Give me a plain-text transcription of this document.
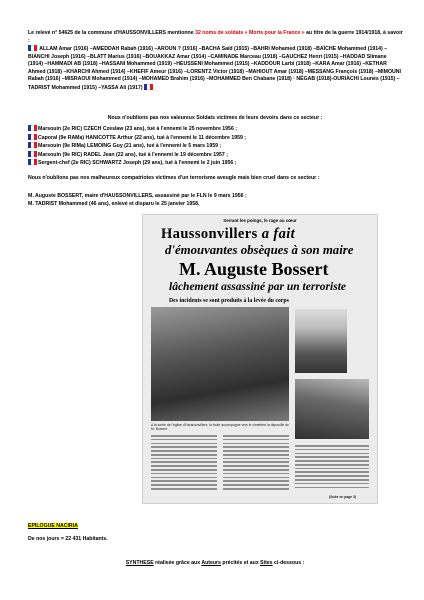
Le relevé n° 54625 de la commune d'HAUSSONVILLERS mentionne 32 noms de soldats « Morts pour la France » au titre de la guerre 1914/1918, à savoir :
ALLAM Amar (1916) –AMEDDAH Rabah (1916) –AROUN ? (1916) –BACHA Saïd (1915) –BAHRI Mohamed (1918) –BAÏCHE Mohammed (1914) –BIANCHI Joseph (1916) –BLATT Marius (1916) –BOUAKKAZ Amar (1914) –CAMINADE Marceau (1918) –GAUCHEZ Henri (1915) –HADDAD Slimane (1914) –HAMMADI AB (1918) –HASSANI Mohammed (1919) –HEUSSENI Mohammed (1915) –KADDOUR Larbi (1918) –KARA Amar (1916) –KETHAR Ahmed (1918) –KHARCHI Ahmed (1914) –KHEFIF Ameur (1916) –LORENTZ Victor (1918) –MAHIOUT Amar (1918) –MESSANG François (1918) –MIMOUNI Rabah (1916) –MISRAOUI Mohammed (1914) –MOHAMED Brahim (1916) –MOHAMMED Ben Chabane (1918) · NÉGAB (1918)-OURIACHI Lounès (1915) –TADRIST Mohammed (1915) –YASSA Ali (1917)
Nous n'oublions pas nos valeureux Soldats victimes de leurs devoirs dans ce secteur :
Marsouin (2e RIC) CZECH Czeslaw (23 ans), tué à l'ennemi le 25 novembre 1956 ;
Caporal (9e RAMa) HANICOTTE Arthur (22 ans), tué à l'ennemi le 11 décembre 1959 ;
Marsouin (9e RIMa) LEMOING Guy (21 ans), tué à l'ennemi le 5 mars 1959 ;
Marsouin (9e RIC) RADEL Jean (22 ans), tué à l'ennemi le 19 décembre 1957 ;
Sergent-chef (2e RIC) SCHWARTZ Joseph (29 ans), tué à l'ennemi le 2 juin 1956 ;
Nous n'oublions pas nos malheureux compatriotes victimes d'un terrorisme aveugle mais bien cruel dans ce secteur :
M. Auguste BOSSERT, maire d'HAUSSONVILLERS, assassiné par le FLN le 9 mars 1956 ;
M. TADRIST Mohammed (46 ans), enlevé et disparu le 25 janvier 1958.
Serrant les poings, le rage au cœur
Haussonvillers a fait
d'émouvantes obsèques à son maire
M. Auguste Bossert
lâchement assassiné par un terroriste
Des incidents se sont produits à la levée du corps
A la sortie de l'église d'Haussonvillers, la foule accompagne vers le cimetière la dépouille de M. Bossert
(Suite en page 3)
EPILOGUE NACIRIA
De nos jours = 22 431 Habitants.
SYNTHESE réalisée grâce aux Auteurs précités et aux Sites ci-dessous :
